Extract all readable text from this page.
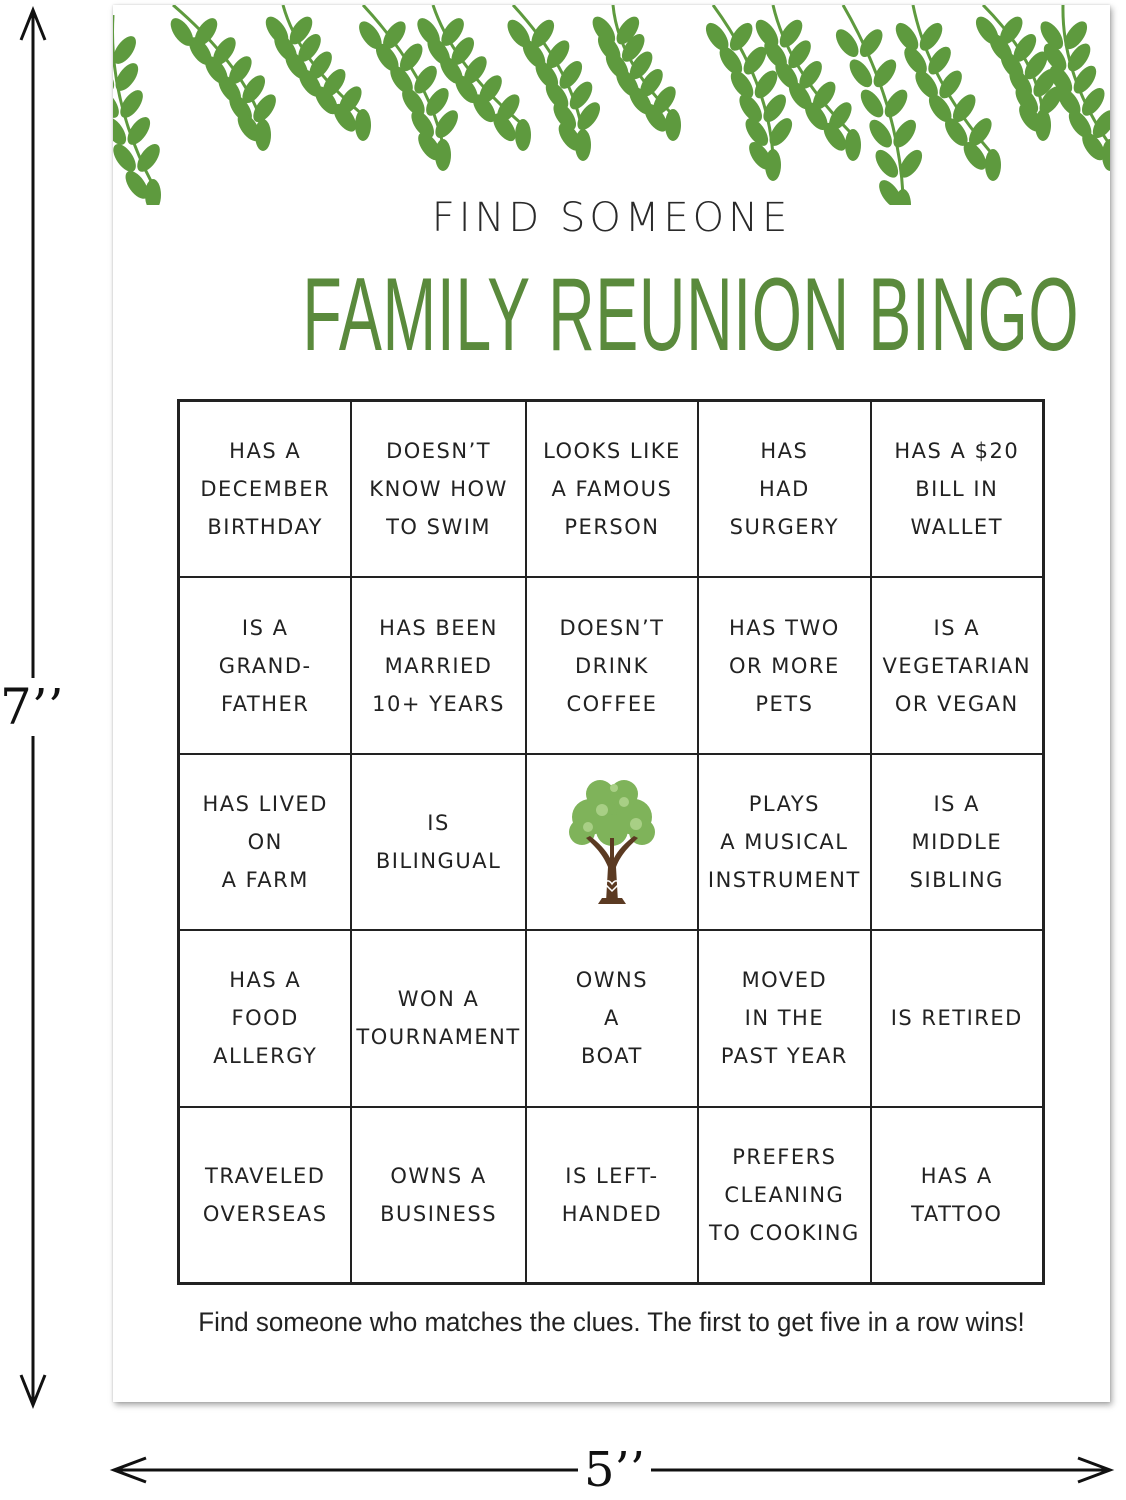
7’’
5’’
FIND SOMEONE
FAMILY REUNION BINGO
HAS A
DECEMBER
BIRTHDAY
DOESN’T
KNOW HOW
TO SWIM
LOOKS LIKE
A FAMOUS
PERSON
HAS
HAD
SURGERY
HAS A $20
BILL IN
WALLET
IS A
GRAND-
FATHER
HAS BEEN
MARRIED
10+ YEARS
DOESN’T
DRINK
COFFEE
HAS TWO
OR MORE
PETS
IS A
VEGETARIAN
OR VEGAN
HAS LIVED
ON
A FARM
IS
BILINGUAL
PLAYS
A MUSICAL
INSTRUMENT
IS A
MIDDLE
SIBLING
HAS A
FOOD
ALLERGY
WON A
TOURNAMENT
OWNS
A
BOAT
MOVED
IN THE
PAST YEAR
IS RETIRED
TRAVELED
OVERSEAS
OWNS A
BUSINESS
IS LEFT-
HANDED
PREFERS
CLEANING
TO COOKING
HAS A
TATTOO
Find someone who matches the clues. The first to get five in a row wins!
